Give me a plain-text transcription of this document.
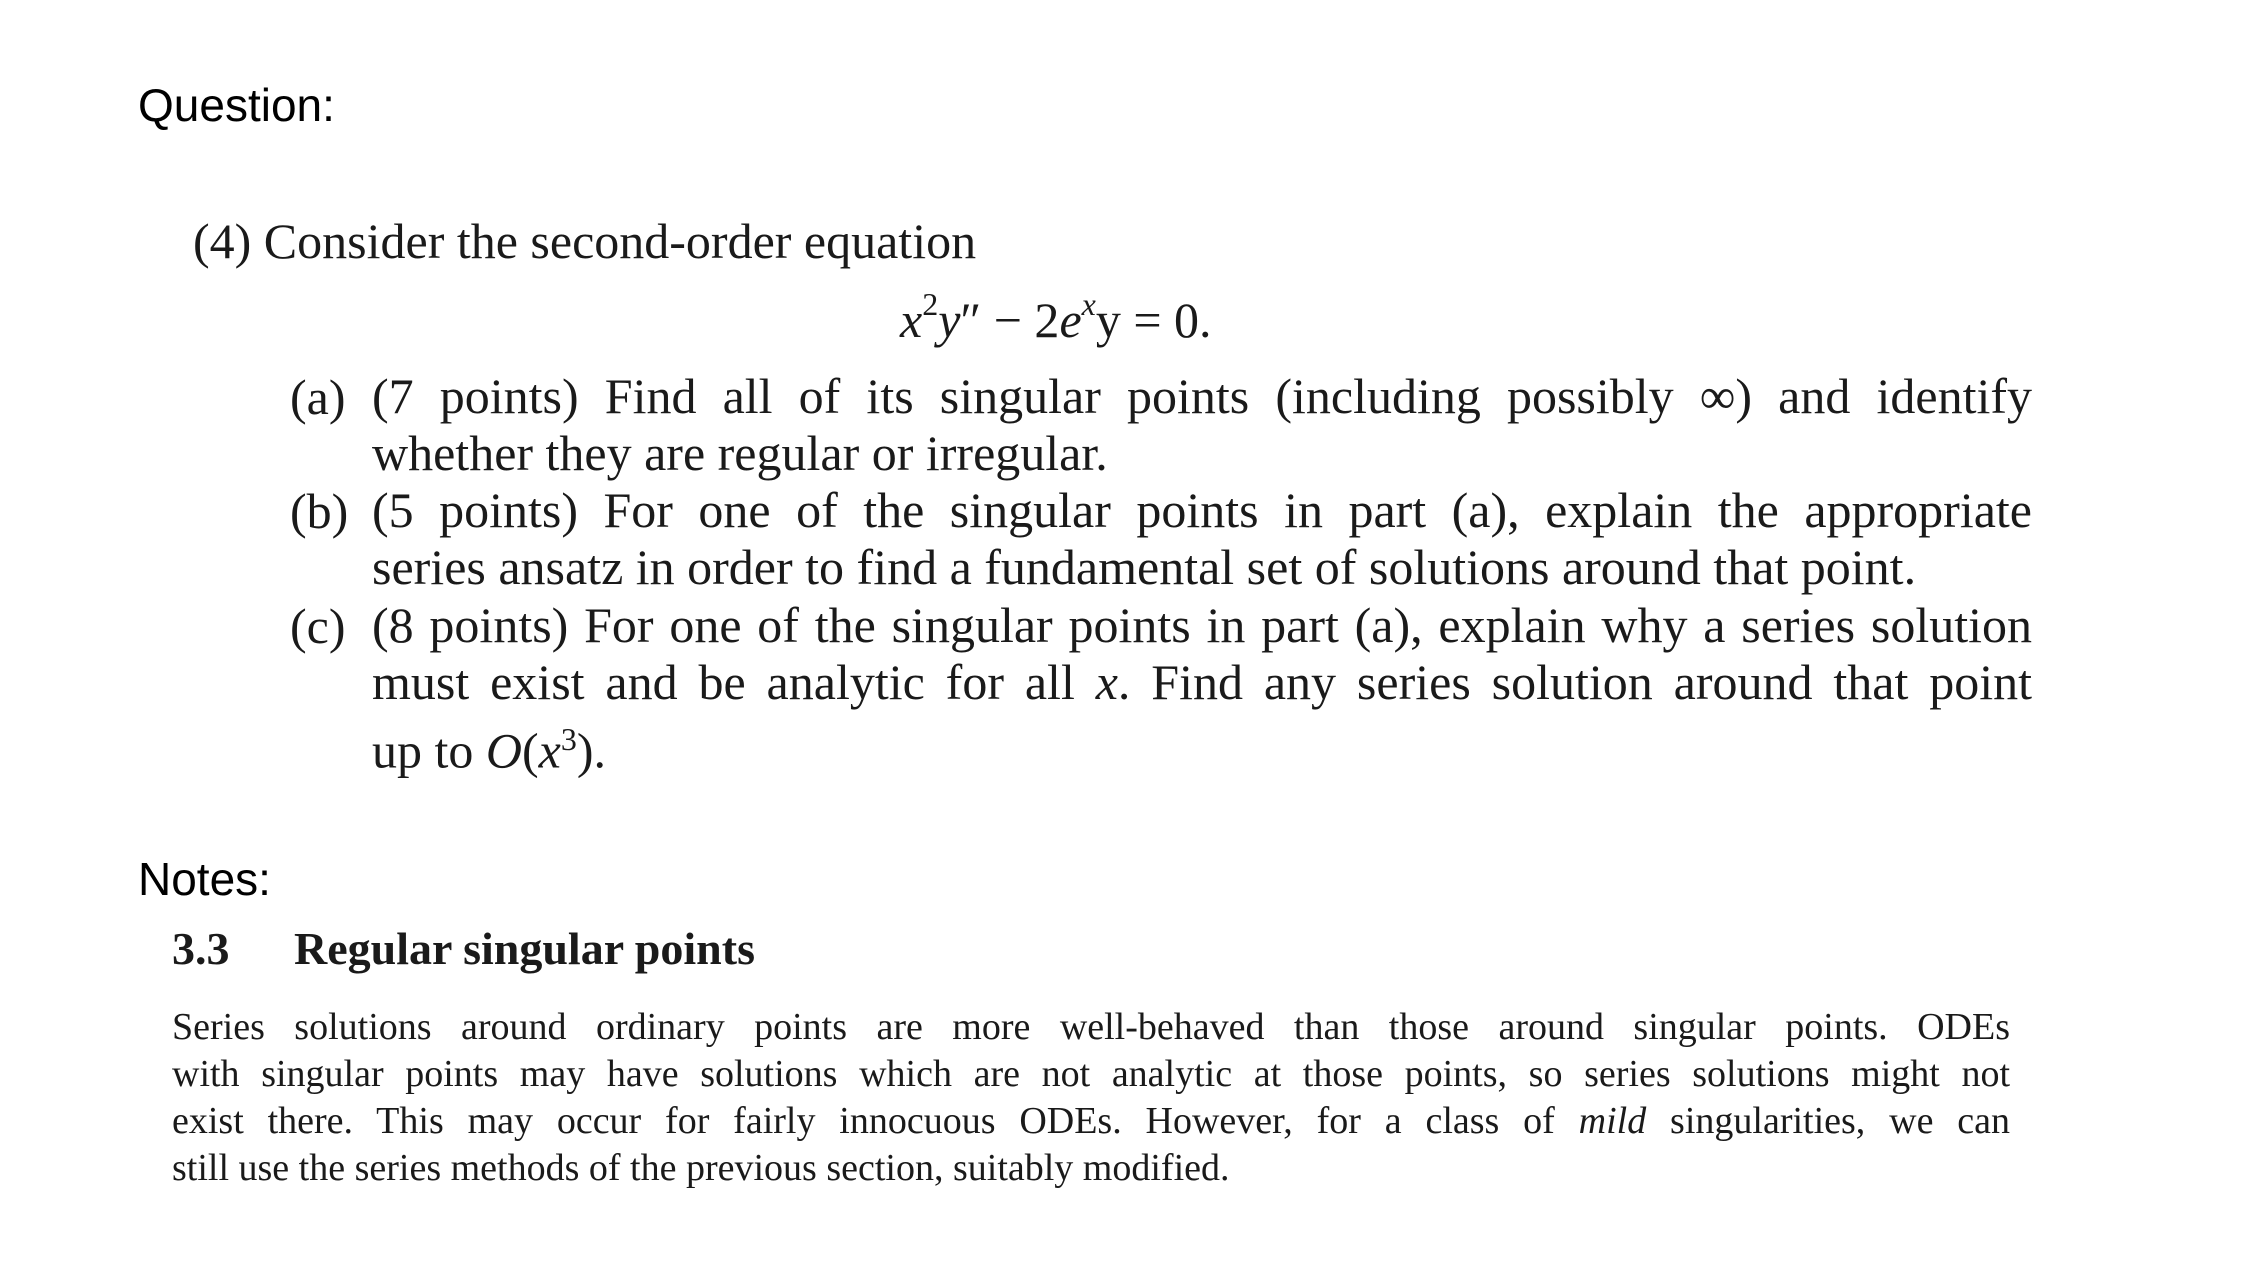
Question:
(4) Consider the second-order equation
$x^2y'' - 2e^xy = 0$.
(a) (7 points) Find all of its singular points (including possibly ∞) and identify
whether they are regular or irregular.
(b) (5 points) For one of the singular points in part (a), explain the appropriate
series ansatz in order to find a fundamental set of solutions around that point.
(c) (8 points) For one of the singular points in part (a), explain why a series solution
must exist and be analytic for all x. Find any series solution around that point
up to $O(x^3)$.
Notes:
3.3 Regular singular points
Series solutions around ordinary points are more well-behaved than those around singular points. ODEs
with singular points may have solutions which are not analytic at those points, so series solutions might not
exist there. This may occur for fairly innocuous ODEs. However, for a class of mild singularities, we can
still use the series methods of the previous section, suitably modified.
